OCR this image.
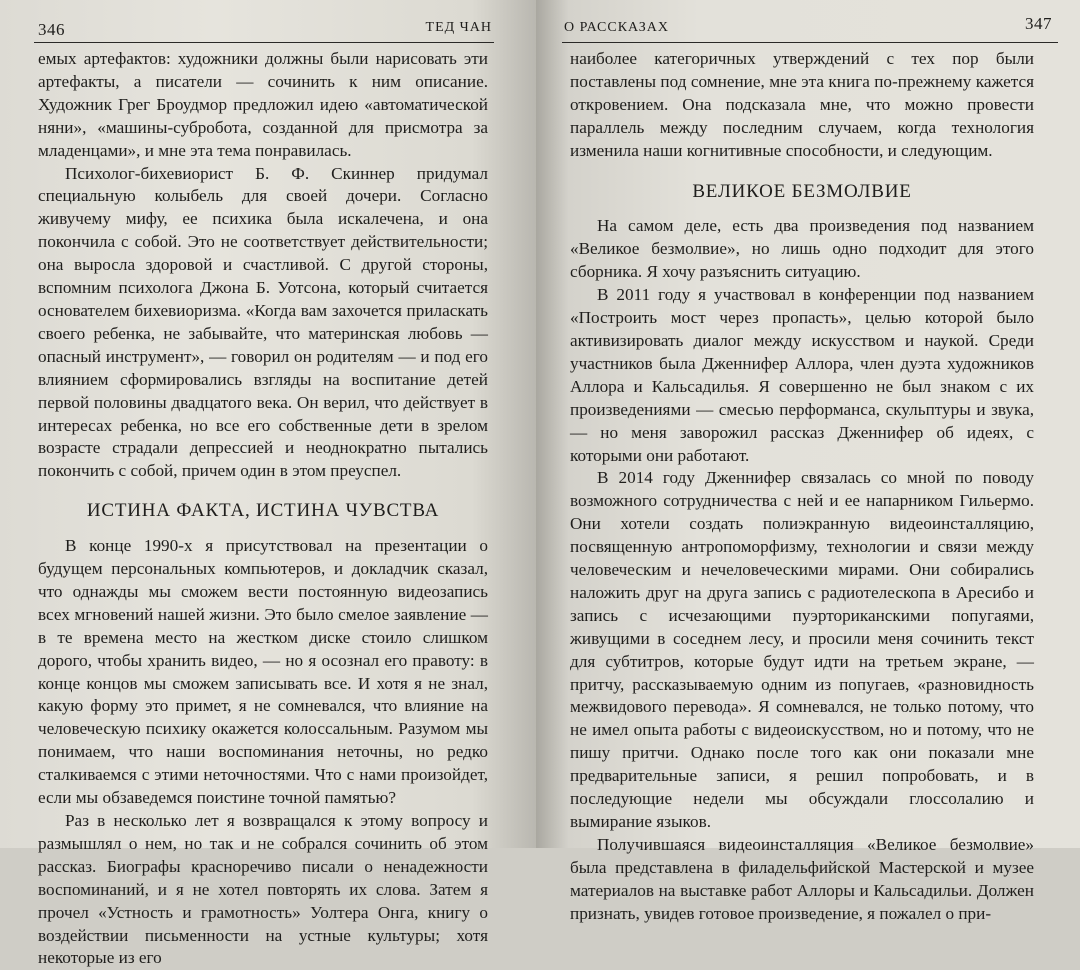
346	ТЕД ЧАН

емых артефактов: художники должны были нарисовать эти артефакты, а писатели — сочинить к ним описание. Художник Грег Броудмор предложил идею «автоматической няни», «машины-субробота, созданной для присмотра за младенцами», и мне эта тема понравилась.

Психолог-бихевиорист Б. Ф. Скиннер придумал специальную колыбель для своей дочери. Согласно живучему мифу, ее психика была искалечена, и она покончила с собой. Это не соответствует действительности; она выросла здоровой и счастливой. С другой стороны, вспомним психолога Джона Б. Уотсона, который считается основателем бихевиоризма. «Когда вам захочется приласкать своего ребенка, не забывайте, что материнская любовь — опасный инструмент», — говорил он родителям — и под его влиянием сформировались взгляды на воспитание детей первой половины двадцатого века. Он верил, что действует в интересах ребенка, но все его собственные дети в зрелом возрасте страдали депрессией и неоднократно пытались покончить с собой, причем один в этом преуспел.

ИСТИНА ФАКТА, ИСТИНА ЧУВСТВА

В конце 1990-х я присутствовал на презентации о будущем персональных компьютеров, и докладчик сказал, что однажды мы сможем вести постоянную видеозапись всех мгновений нашей жизни. Это было смелое заявление — в те времена место на жестком диске стоило слишком дорого, чтобы хранить видео, — но я осознал его правоту: в конце концов мы сможем записывать все. И хотя я не знал, какую форму это примет, я не сомневался, что влияние на человеческую психику окажется колоссальным. Разумом мы понимаем, что наши воспоминания неточны, но редко сталкиваемся с этими неточностями. Что с нами произойдет, если мы обзаведемся поистине точной памятью?

Раз в несколько лет я возвращался к этому вопросу и размышлял о нем, но так и не собрался сочинить об этом рассказ. Биографы красноречиво писали о ненадежности воспоминаний, и я не хотел повторять их слова. Затем я прочел «Устность и грамотность» Уолтера Онга, книгу о воздействии письменности на устные культуры; хотя некоторые из его

О РАССКАЗАХ	347

наиболее категоричных утверждений с тех пор были поставлены под сомнение, мне эта книга по-прежнему кажется откровением. Она подсказала мне, что можно провести параллель между последним случаем, когда технология изменила наши когнитивные способности, и следующим.

ВЕЛИКОЕ БЕЗМОЛВИЕ

На самом деле, есть два произведения под названием «Великое безмолвие», но лишь одно подходит для этого сборника. Я хочу разъяснить ситуацию.

В 2011 году я участвовал в конференции под названием «Построить мост через пропасть», целью которой было активизировать диалог между искусством и наукой. Среди участников была Дженнифер Аллора, член дуэта художников Аллора и Кальсадилья. Я совершенно не был знаком с их произведениями — смесью перформанса, скульптуры и звука, — но меня заворожил рассказ Дженнифер об идеях, с которыми они работают.

В 2014 году Дженнифер связалась со мной по поводу возможного сотрудничества с ней и ее напарником Гильермо. Они хотели создать полиэкранную видеоинсталляцию, посвященную антропоморфизму, технологии и связи между человеческим и нечеловеческими мирами. Они собирались наложить друг на друга запись с радиотелескопа в Аресибо и запись с исчезающими пуэрториканскими попугаями, живущими в соседнем лесу, и просили меня сочинить текст для субтитров, которые будут идти на третьем экране, — притчу, рассказываемую одним из попугаев, «разновидность межвидового перевода». Я сомневался, не только потому, что не имел опыта работы с видеоискусством, но и потому, что не пишу притчи. Однако после того как они показали мне предварительные записи, я решил попробовать, и в последующие недели мы обсуждали глоссолалию и вымирание языков.

Получившаяся видеоинсталляция «Великое безмолвие» была представлена в филадельфийской Мастерской и музее материалов на выставке работ Аллоры и Кальсадильи. Должен признать, увидев готовое произведение, я пожалел о при-
